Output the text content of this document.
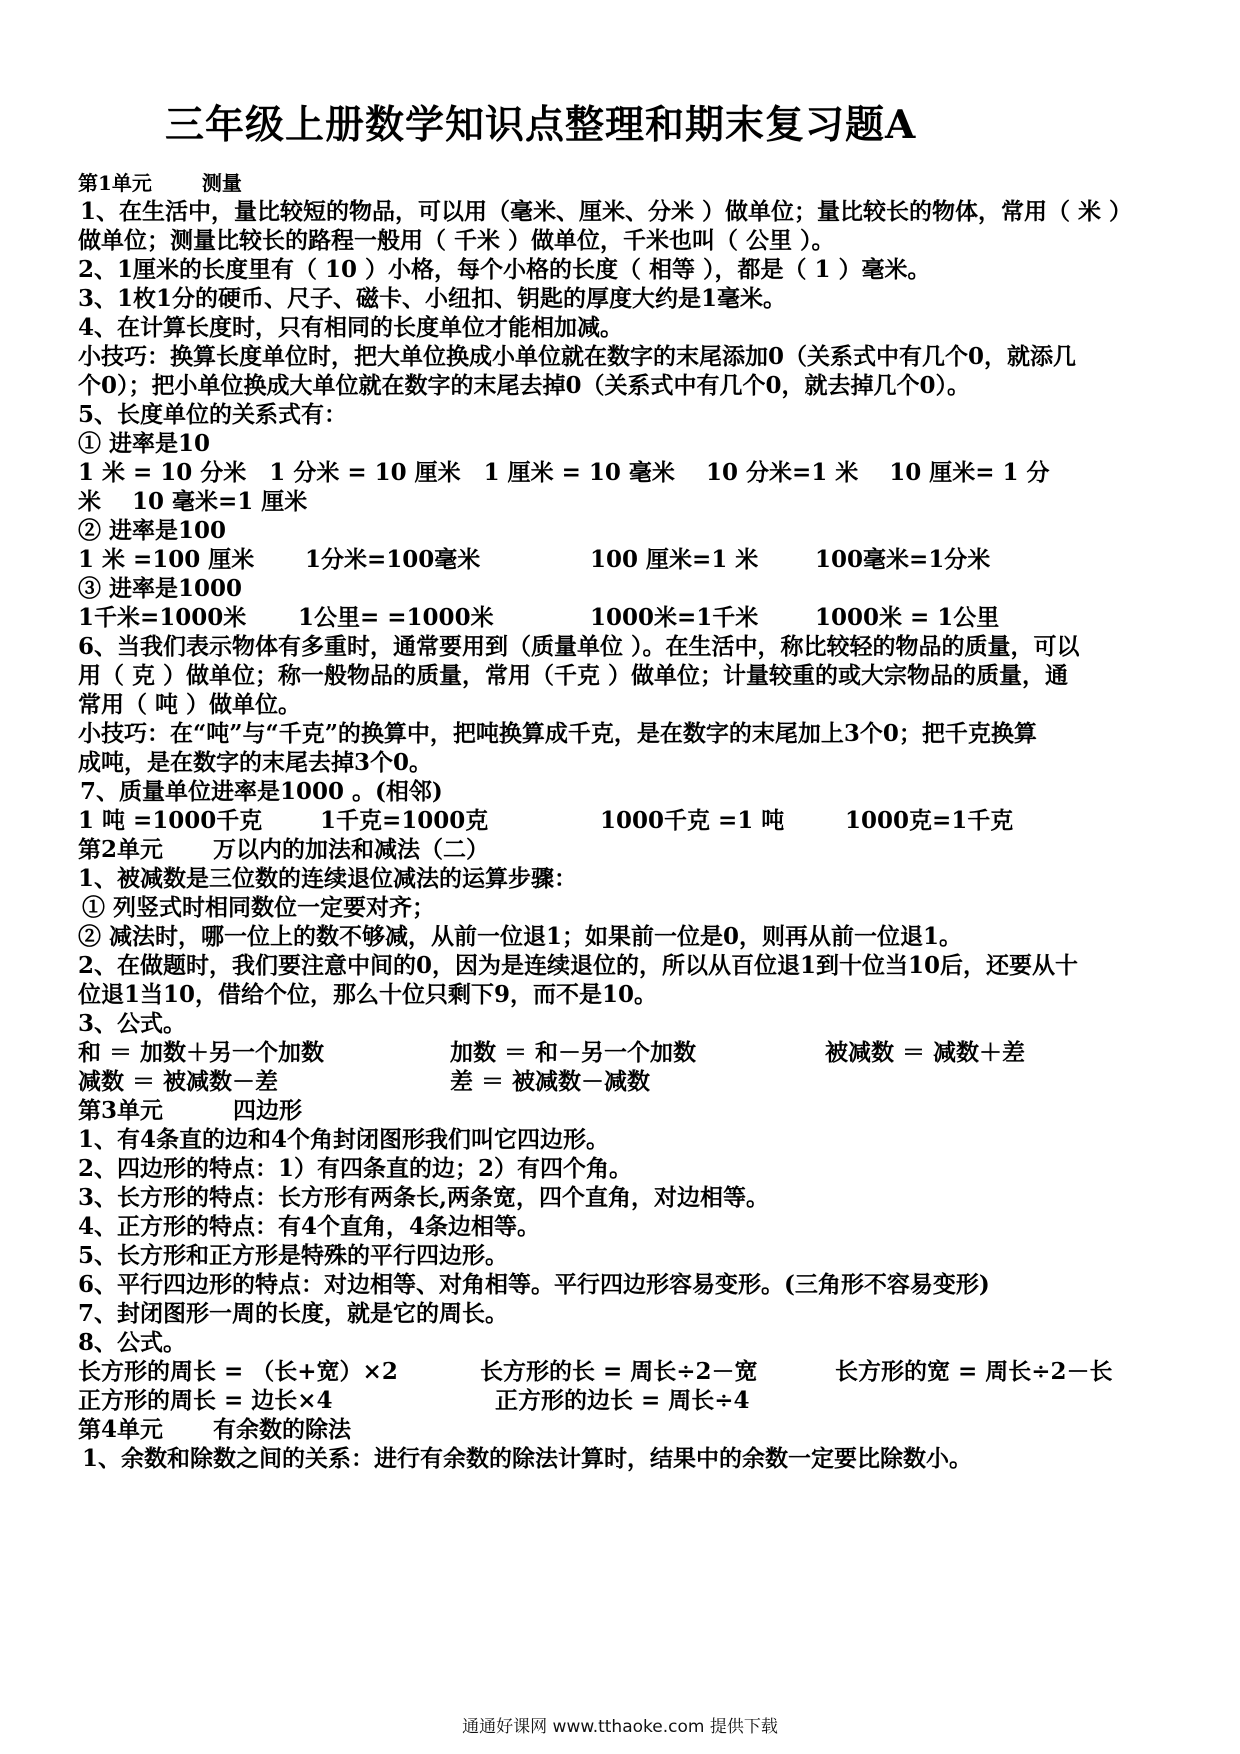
三年级上册数学知识点整理和期末复习题A
第1单元	测量
1、在生活中，量比较短的物品，可以用（毫米、厘米、分米 ）做单位；量比较长的物体，常用（ 米 ）
做单位；测量比较长的路程一般用（ 千米 ）做单位，千米也叫（ 公里 ）。
2、1厘米的长度里有（ 10 ）小格，每个小格的长度（ 相等 ），都是（ 1 ）毫米。
3、1枚1分的硬币、尺子、磁卡、小纽扣、钥匙的厚度大约是1毫米。
4、在计算长度时，只有相同的长度单位才能相加减。
小技巧：换算长度单位时，把大单位换成小单位就在数字的末尾添加0（关系式中有几个0，就添几
个0）；把小单位换成大单位就在数字的末尾去掉0（关系式中有几个0，就去掉几个0）。
5、长度单位的关系式有：
① 进率是10
1 米 = 10 分米　1 分米 = 10 厘米　1 厘米 = 10 毫米　 10 分米=1 米　 10 厘米= 1 分
米　 10 毫米=1 厘米
② 进率是100
1 米 =100 厘米 1分米=100毫米	100 厘米=1 米 100毫米=1分米
③ 进率是1000
1千米=1000米 1公里= =1000米	1000米=1千米 1000米 = 1公里
6、当我们表示物体有多重时，通常要用到（质量单位 ）。在生活中，称比较轻的物品的质量，可以
用（ 克 ）做单位；称一般物品的质量，常用（千克 ）做单位；计量较重的或大宗物品的质量，通
常用（ 吨 ）做单位。
小技巧：在“吨”与“千克”的换算中，把吨换算成千克，是在数字的末尾加上3个0；把千克换算
成吨，是在数字的末尾去掉3个0。
7、质量单位进率是1000 。(相邻)
1 吨 =1000千克	1千克=1000克	1000千克 =1 吨	1000克=1千克
第2单元 万以内的加法和减法（二）
1、被减数是三位数的连续退位减法的运算步骤：
① 列竖式时相同数位一定要对齐；
② 减法时，哪一位上的数不够减，从前一位退1；如果前一位是0，则再从前一位退1。
2、在做题时，我们要注意中间的0，因为是连续退位的，所以从百位退1到十位当10后，还要从十
位退1当10，借给个位，那么十位只剩下9，而不是10。
3、公式。
和 ＝ 加数＋另一个加数	加数 ＝ 和－另一个加数	被减数 ＝ 减数＋差
减数 ＝ 被减数－差	差 ＝ 被减数－减数
第3单元	四边形
1、有4条直的边和4个角封闭图形我们叫它四边形。
2、四边形的特点：1）有四条直的边；2）有四个角。
3、长方形的特点：长方形有两条长,两条宽，四个直角，对边相等。
4、正方形的特点：有4个直角，4条边相等。
5、长方形和正方形是特殊的平行四边形。
6、平行四边形的特点：对边相等、对角相等。平行四边形容易变形。(三角形不容易变形)
7、封闭图形一周的长度，就是它的周长。
8、公式。
长方形的周长 = （长+宽）×2	长方形的长 = 周长÷2－宽	长方形的宽 = 周长÷2－长
正方形的周长 = 边长×4	正方形的边长 = 周长÷4
第4单元 有余数的除法
1、余数和除数之间的关系：进行有余数的除法计算时，结果中的余数一定要比除数小。
通通好课网 www.tthaoke.com 提供下载
